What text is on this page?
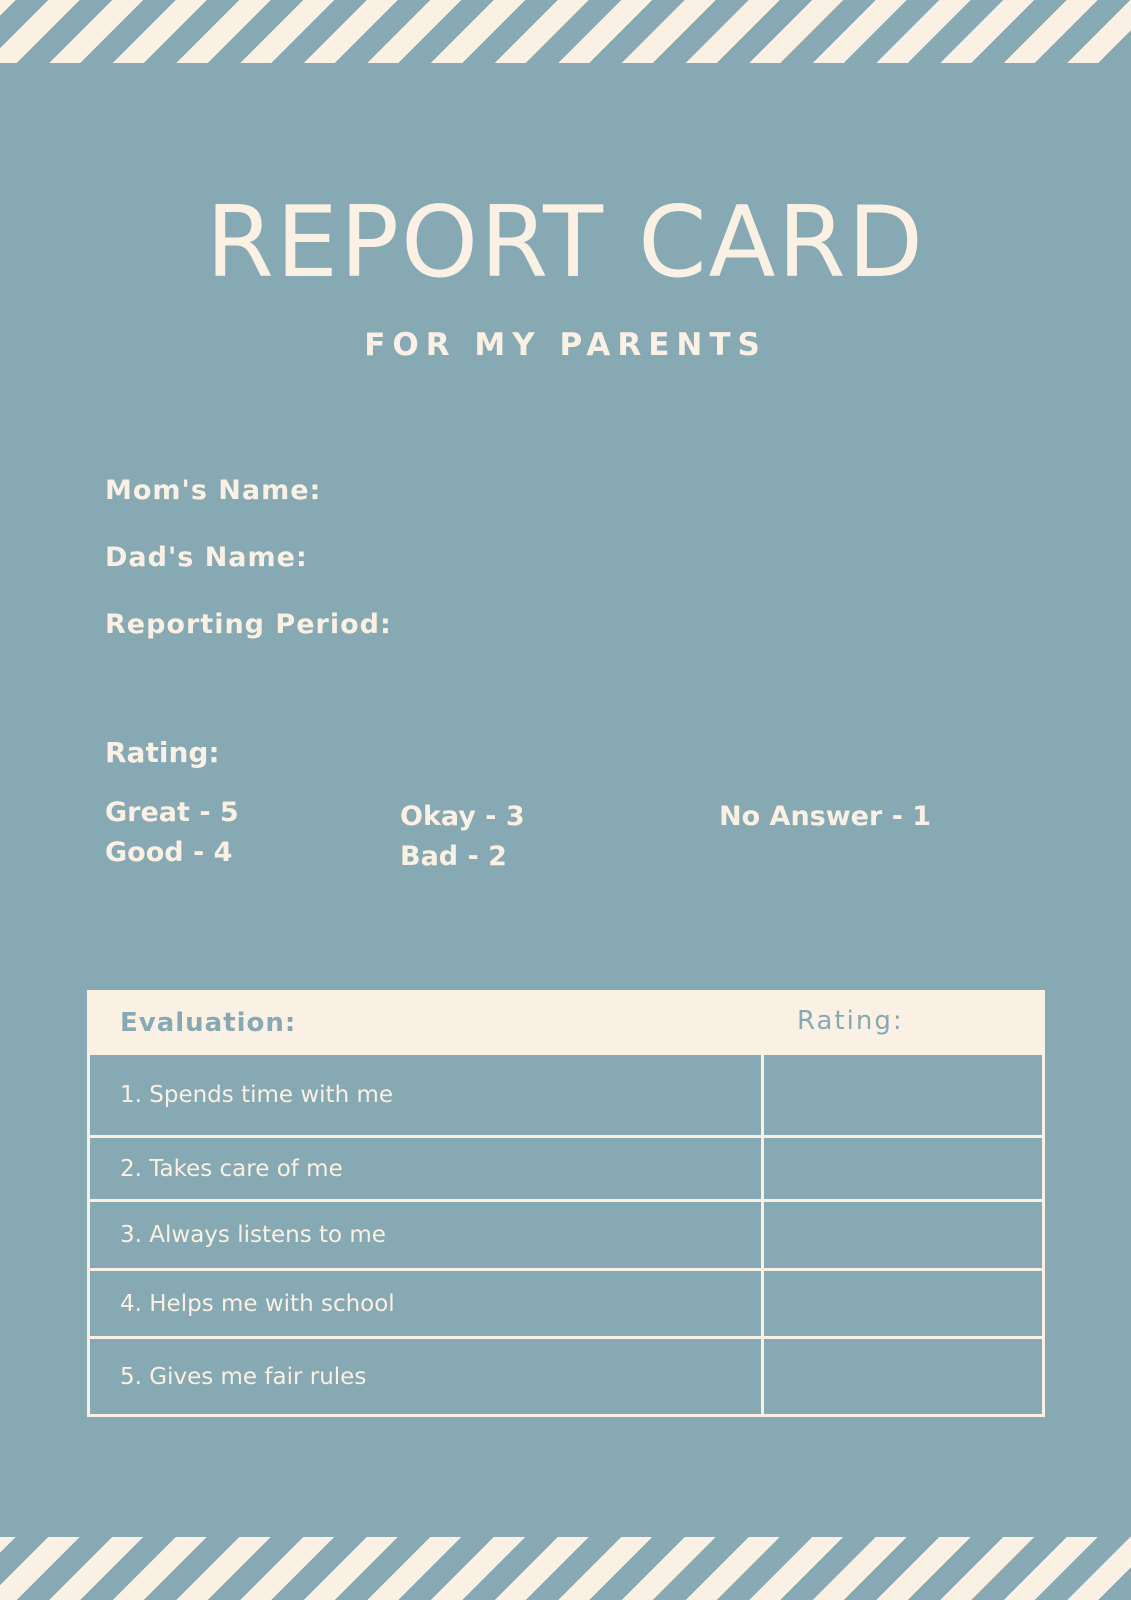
REPORT CARD
FOR MY PARENTS
Mom's Name:
Dad's Name:
Reporting Period:
Rating:
Great - 5
Good - 4
Okay - 3
Bad - 2
No Answer - 1
Evaluation:	Rating:
1. Spends time with me
2. Takes care of me
3. Always listens to me
4. Helps me with school
5. Gives me fair rules
